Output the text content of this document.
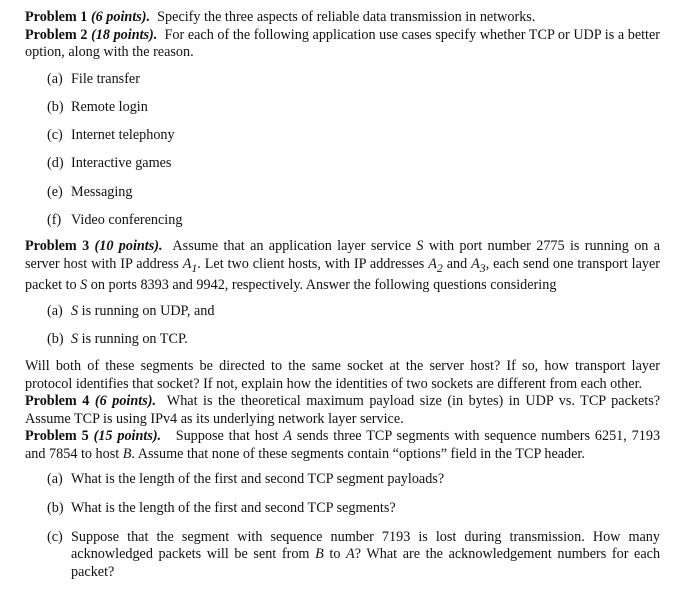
Problem 1 (6 points). Specify the three aspects of reliable data transmission in networks.

Problem 2 (18 points). For each of the following application use cases specify whether TCP or UDP is a better option, along with the reason.

(a) File transfer
(b) Remote login
(c) Internet telephony
(d) Interactive games
(e) Messaging
(f) Video conferencing

Problem 3 (10 points). Assume that an application layer service S with port number 2775 is running on a server host with IP address $A_1$. Let two client hosts, with IP addresses $A_2$ and $A_3$, each send one transport layer packet to S on ports 8393 and 9942, respectively. Answer the following questions considering

(a) S is running on UDP, and
(b) S is running on TCP.

Will both of these segments be directed to the same socket at the server host? If so, how transport layer protocol identifies that socket? If not, explain how the identities of two sockets are different from each other.

Problem 4 (6 points). What is the theoretical maximum payload size (in bytes) in UDP vs. TCP packets? Assume TCP is using IPv4 as its underlying network layer service.

Problem 5 (15 points). Suppose that host A sends three TCP segments with sequence numbers 6251, 7193 and 7854 to host B. Assume that none of these segments contain “options” field in the TCP header.

(a) What is the length of the first and second TCP segment payloads?
(b) What is the length of the first and second TCP segments?
(c) Suppose that the segment with sequence number 7193 is lost during transmission. How many acknowledged packets will be sent from B to A? What are the acknowledgement numbers for each packet?
